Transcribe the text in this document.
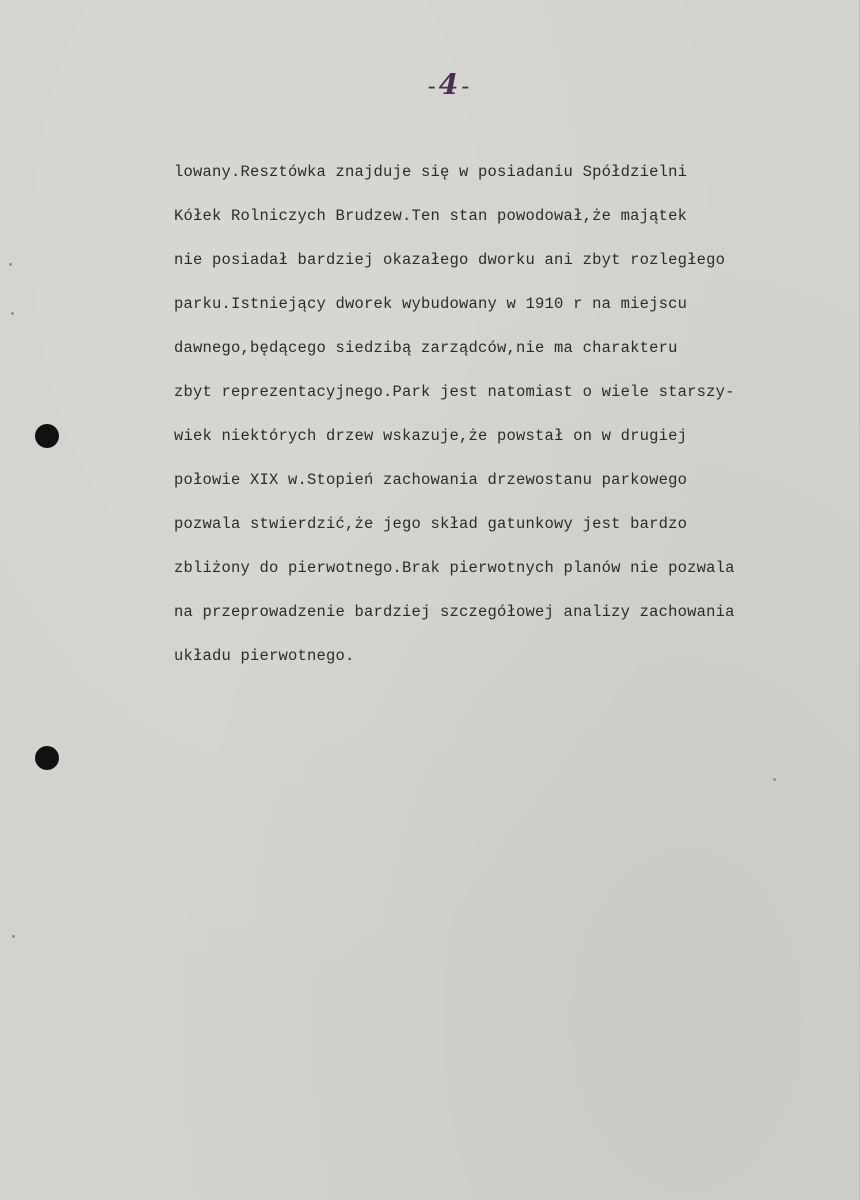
-4-
lowany.Resztówka znajduje się w posiadaniu Spółdzielni
Kółek Rolniczych Brudzew.Ten stan powodował,że majątek
nie posiadał bardziej okazałego dworku ani zbyt rozległego
parku.Istniejący dworek wybudowany w 1910 r na miejscu
dawnego,będącego siedzibą zarządców,nie ma charakteru
zbyt reprezentacyjnego.Park jest natomiast o wiele starszy-
wiek niektórych drzew wskazuje,że powstał on w drugiej
połowie XIX w.Stopień zachowania drzewostanu parkowego
pozwala stwierdzić,że jego skład gatunkowy jest bardzo
zbliżony do pierwotnego.Brak pierwotnych planów nie pozwala
na przeprowadzenie bardziej szczegółowej analizy zachowania
układu pierwotnego.
